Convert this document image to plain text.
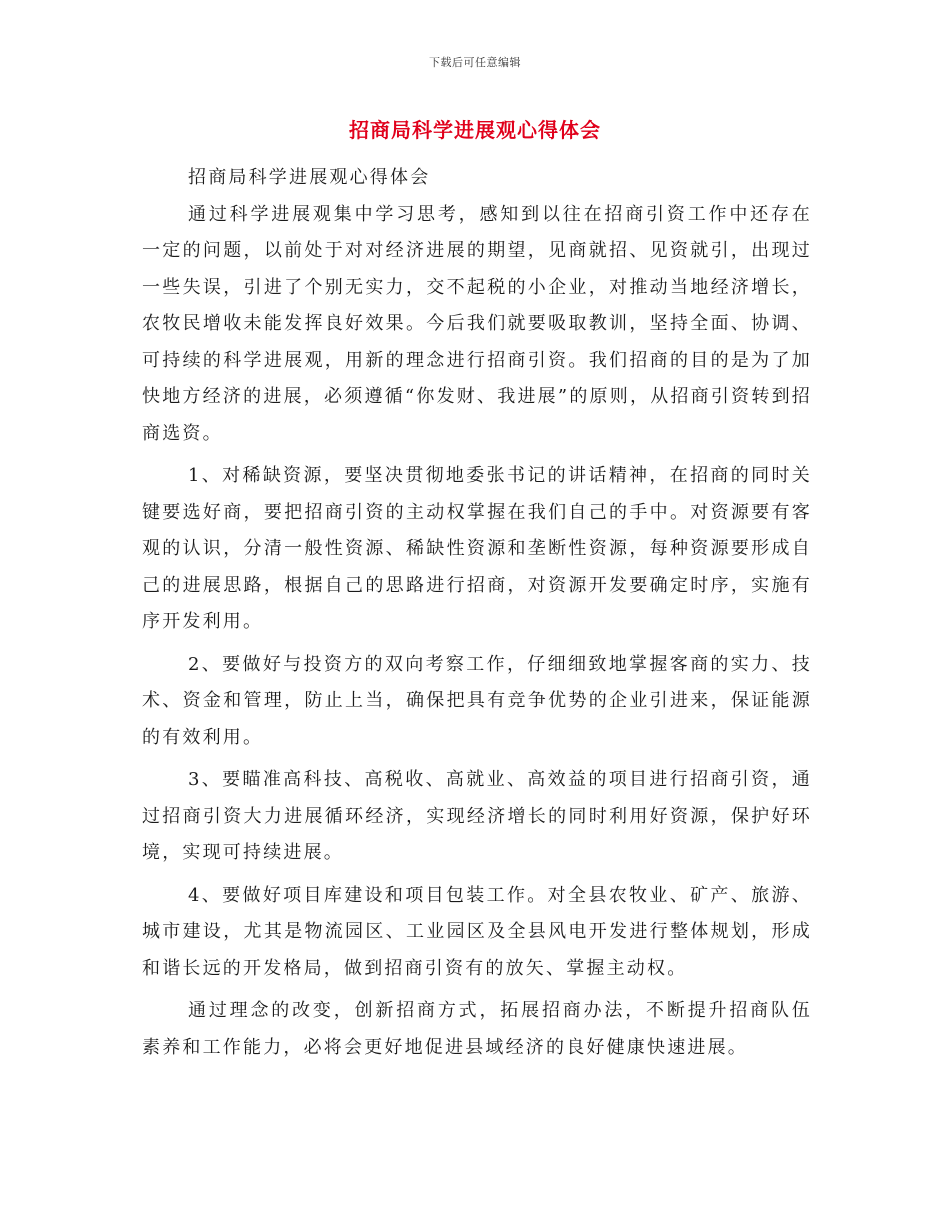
下载后可任意编辑
招商局科学进展观心得体会

招商局科学进展观心得体会

通过科学进展观集中学习思考，感知到以往在招商引资工作中还存在一定的问题，以前处于对对经济进展的期望，见商就招、见资就引，出现过一些失误，引进了个别无实力，交不起税的小企业，对推动当地经济增长，农牧民增收未能发挥良好效果。今后我们就要吸取教训，坚持全面、协调、可持续的科学进展观，用新的理念进行招商引资。我们招商的目的是为了加快地方经济的进展，必须遵循“你发财、我进展”的原则，从招商引资转到招商选资。

1、对稀缺资源，要坚决贯彻地委张书记的讲话精神，在招商的同时关键要选好商，要把招商引资的主动权掌握在我们自己的手中。对资源要有客观的认识，分清一般性资源、稀缺性资源和垄断性资源，每种资源要形成自己的进展思路，根据自己的思路进行招商，对资源开发要确定时序，实施有序开发利用。

2、要做好与投资方的双向考察工作，仔细细致地掌握客商的实力、技术、资金和管理，防止上当，确保把具有竞争优势的企业引进来，保证能源的有效利用。

3、要瞄准高科技、高税收、高就业、高效益的项目进行招商引资，通过招商引资大力进展循环经济，实现经济增长的同时利用好资源，保护好环境，实现可持续进展。

4、要做好项目库建设和项目包装工作。对全县农牧业、矿产、旅游、城市建设，尤其是物流园区、工业园区及全县风电开发进行整体规划，形成和谐长远的开发格局，做到招商引资有的放矢、掌握主动权。

通过理念的改变，创新招商方式，拓展招商办法，不断提升招商队伍素养和工作能力，必将会更好地促进县域经济的良好健康快速进展。
